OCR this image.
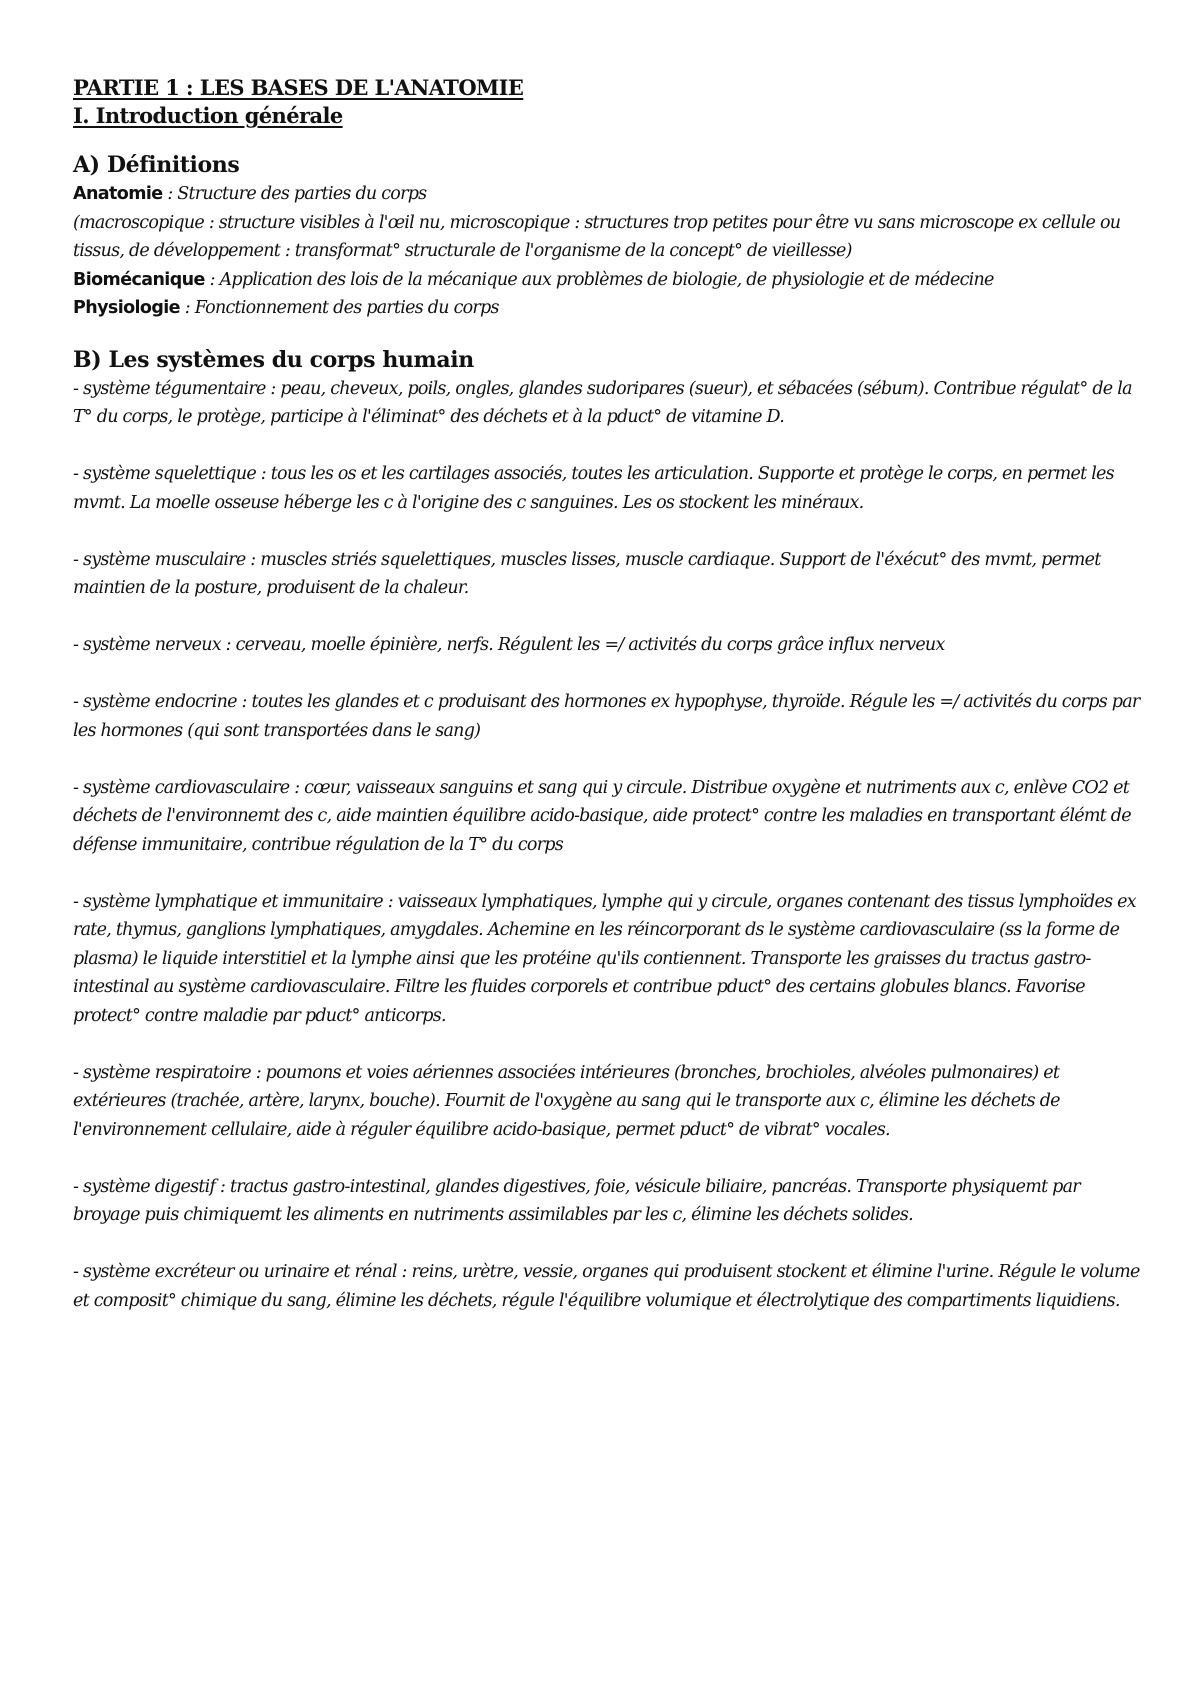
PARTIE 1 : LES BASES DE L'ANATOMIE

I. Introduction générale

A) Définitions

Anatomie : Structure des parties du corps

(macroscopique : structure visibles à l'œil nu, microscopique : structures trop petites pour être vu sans microscope ex cellule ou tissus, de développement : transformat° structurale de l'organisme de la concept° de vieillesse)

Biomécanique : Application des lois de la mécanique aux problèmes de biologie, de physiologie et de médecine

Physiologie : Fonctionnement des parties du corps

B) Les systèmes du corps humain

- système tégumentaire : peau, cheveux, poils, ongles, glandes sudoripares (sueur), et sébacées (sébum). Contribue régulat° de la T° du corps, le protège, participe à l'éliminat° des déchets et à la pduct° de vitamine D.

- système squelettique : tous les os et les cartilages associés, toutes les articulation. Supporte et protège le corps, en permet les mvmt. La moelle osseuse héberge les c à l'origine des c sanguines. Les os stockent les minéraux.

- système musculaire : muscles striés squelettiques, muscles lisses, muscle cardiaque. Support de l'éxécut° des mvmt, permet maintien de la posture, produisent de la chaleur.

- système nerveux : cerveau, moelle épinière, nerfs. Régulent les =/ activités du corps grâce influx nerveux

- système endocrine : toutes les glandes et c produisant des hormones ex hypophyse, thyroïde. Régule les =/ activités du corps par les hormones (qui sont transportées dans le sang)

- système cardiovasculaire : cœur, vaisseaux sanguins et sang qui y circule. Distribue oxygène et nutriments aux c, enlève CO2 et déchets de l'environnemt des c, aide maintien équilibre acido-basique, aide protect° contre les maladies en transportant élémt de défense immunitaire, contribue régulation de la T° du corps

- système lymphatique et immunitaire : vaisseaux lymphatiques, lymphe qui y circule, organes contenant des tissus lymphoïdes ex rate, thymus, ganglions lymphatiques, amygdales. Achemine en les réincorporant ds le système cardiovasculaire (ss la forme de plasma) le liquide interstitiel et la lymphe ainsi que les protéine qu'ils contiennent. Transporte les graisses du tractus gastro-intestinal au système cardiovasculaire. Filtre les fluides corporels et contribue pduct° des certains globules blancs. Favorise protect° contre maladie par pduct° anticorps.

- système respiratoire : poumons et voies aériennes associées intérieures (bronches, brochioles, alvéoles pulmonaires) et extérieures (trachée, artère, larynx, bouche). Fournit de l'oxygène au sang qui le transporte aux c, élimine les déchets de l'environnement cellulaire, aide à réguler équilibre acido-basique, permet pduct° de vibrat° vocales.

- système digestif : tractus gastro-intestinal, glandes digestives, foie, vésicule biliaire, pancréas. Transporte physiquemt par broyage puis chimiquemt les aliments en nutriments assimilables par les c, élimine les déchets solides.

- système excréteur ou urinaire et rénal : reins, urètre, vessie, organes qui produisent stockent et élimine l'urine. Régule le volume et composit° chimique du sang, élimine les déchets, régule l'équilibre volumique et électrolytique des compartiments liquidiens.
